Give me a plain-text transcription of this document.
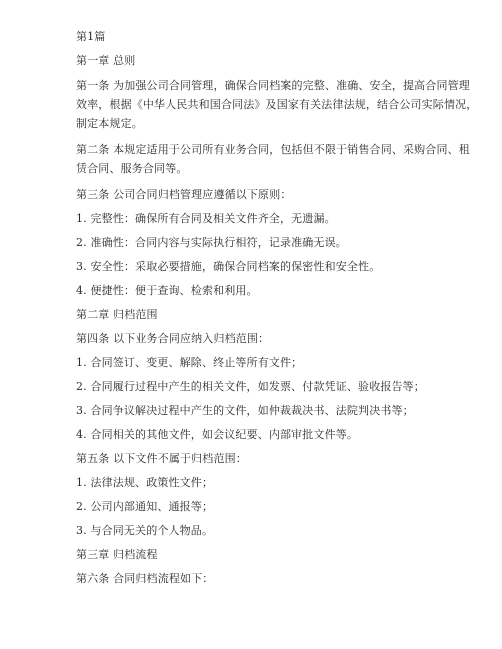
第1篇
第一章 总则
第一条 为加强公司合同管理，确保合同档案的完整、准确、安全，提高合同管理
效率，根据《中华人民共和国合同法》及国家有关法律法规，结合公司实际情况，
制定本规定。
第二条 本规定适用于公司所有业务合同，包括但不限于销售合同、采购合同、租
赁合同、服务合同等。
第三条 公司合同归档管理应遵循以下原则：
1. 完整性：确保所有合同及相关文件齐全，无遗漏。
2. 准确性：合同内容与实际执行相符，记录准确无误。
3. 安全性：采取必要措施，确保合同档案的保密性和安全性。
4. 便捷性：便于查询、检索和利用。
第二章 归档范围
第四条 以下业务合同应纳入归档范围：
1. 合同签订、变更、解除、终止等所有文件；
2. 合同履行过程中产生的相关文件，如发票、付款凭证、验收报告等；
3. 合同争议解决过程中产生的文件，如仲裁裁决书、法院判决书等；
4. 合同相关的其他文件，如会议纪要、内部审批文件等。
第五条 以下文件不属于归档范围：
1. 法律法规、政策性文件；
2. 公司内部通知、通报等；
3. 与合同无关的个人物品。
第三章 归档流程
第六条 合同归档流程如下：
